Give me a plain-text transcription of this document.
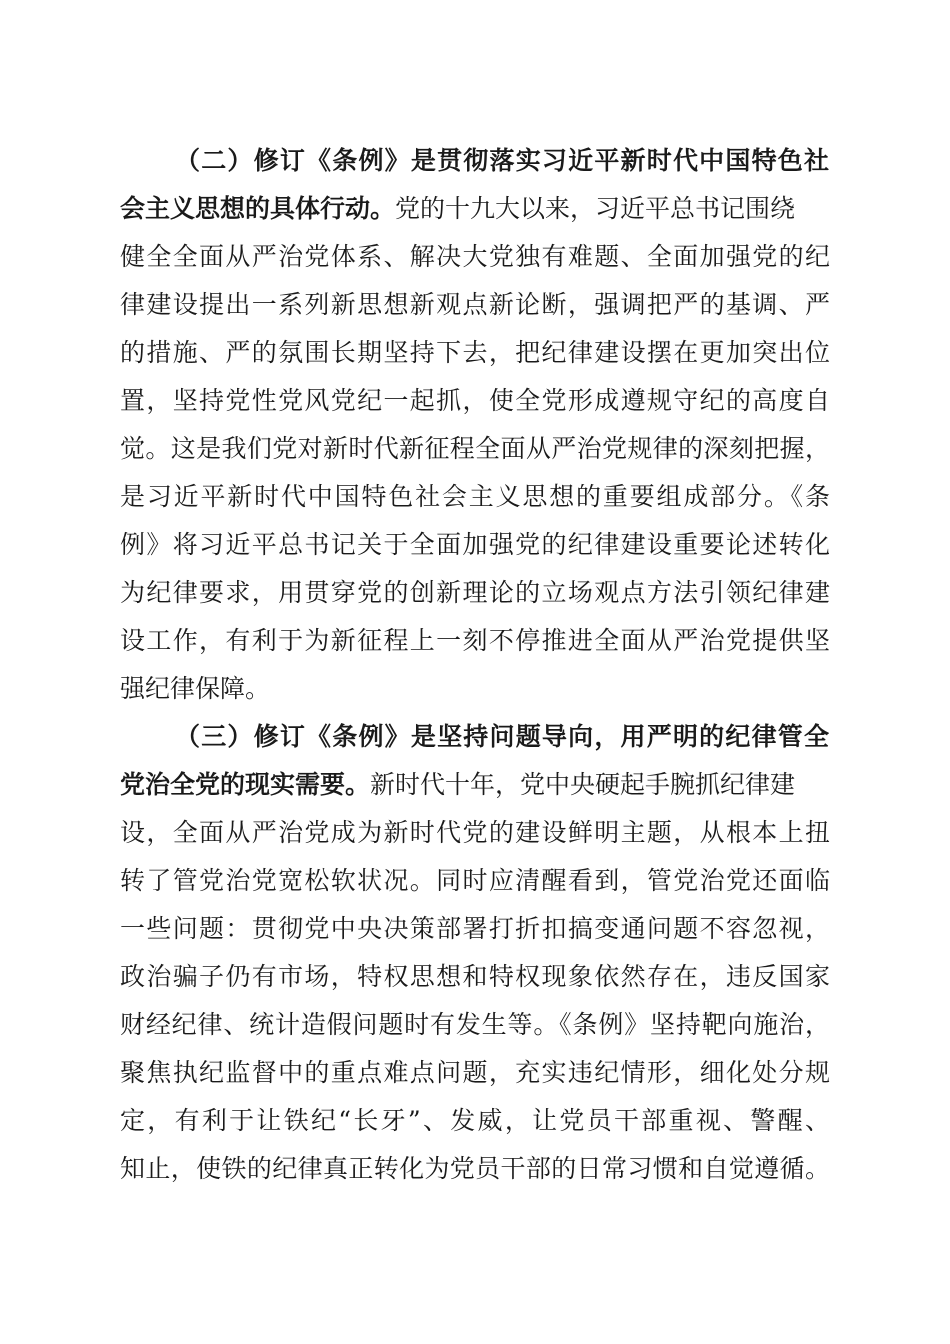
（二）修订《条例》是贯彻落实习近平新时代中国特色社
会主义思想的具体行动。党的十九大以来，习近平总书记围绕
健全全面从严治党体系、解决大党独有难题、全面加强党的纪
律建设提出一系列新思想新观点新论断，强调把严的基调、严
的措施、严的氛围长期坚持下去，把纪律建设摆在更加突出位
置，坚持党性党风党纪一起抓，使全党形成遵规守纪的高度自
觉。这是我们党对新时代新征程全面从严治党规律的深刻把握，
是习近平新时代中国特色社会主义思想的重要组成部分。《条
例》将习近平总书记关于全面加强党的纪律建设重要论述转化
为纪律要求，用贯穿党的创新理论的立场观点方法引领纪律建
设工作，有利于为新征程上一刻不停推进全面从严治党提供坚
强纪律保障。
（三）修订《条例》是坚持问题导向，用严明的纪律管全
党治全党的现实需要。新时代十年，党中央硬起手腕抓纪律建
设，全面从严治党成为新时代党的建设鲜明主题，从根本上扭
转了管党治党宽松软状况。同时应清醒看到，管党治党还面临
一些问题：贯彻党中央决策部署打折扣搞变通问题不容忽视，
政治骗子仍有市场，特权思想和特权现象依然存在，违反国家
财经纪律、统计造假问题时有发生等。《条例》坚持靶向施治，
聚焦执纪监督中的重点难点问题，充实违纪情形，细化处分规
定，有利于让铁纪“长牙”、发威，让党员干部重视、警醒、
知止，使铁的纪律真正转化为党员干部的日常习惯和自觉遵循。
